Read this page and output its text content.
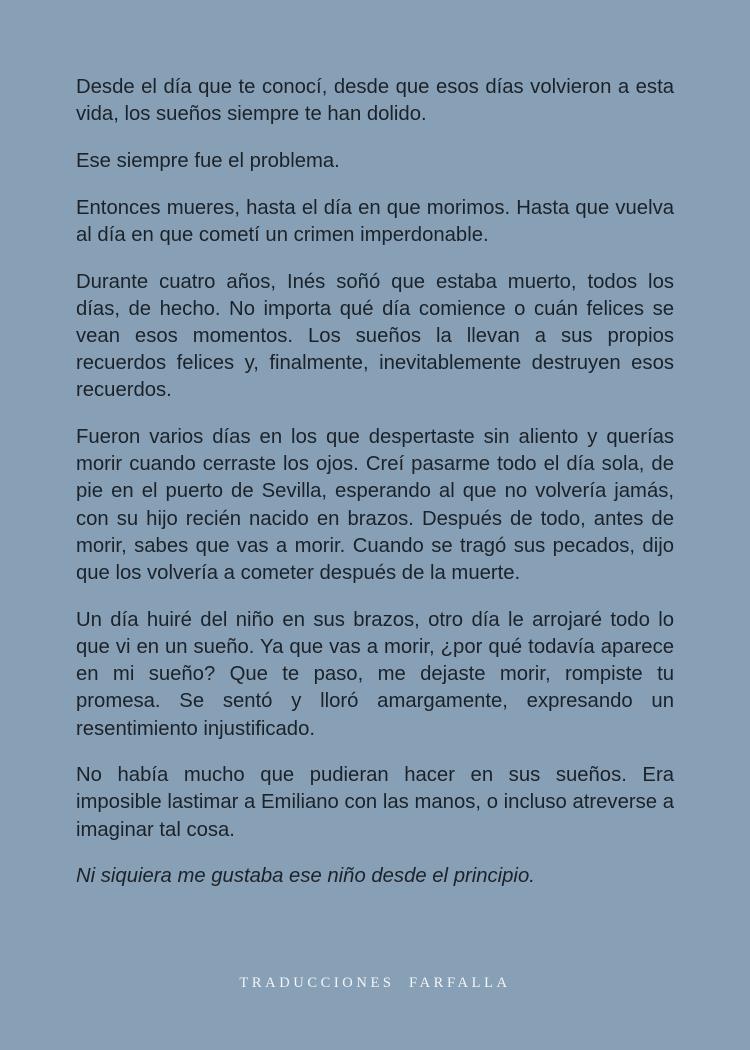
Desde el día que te conocí, desde que esos días volvieron a esta vida, los sueños siempre te han dolido.

Ese siempre fue el problema.

Entonces mueres, hasta el día en que morimos. Hasta que vuelva al día en que cometí un crimen imperdonable.

Durante cuatro años, Inés soñó que estaba muerto, todos los días, de hecho. No importa qué día comience o cuán felices se vean esos momentos. Los sueños la llevan a sus propios recuerdos felices y, finalmente, inevitablemente destruyen esos recuerdos.

Fueron varios días en los que despertaste sin aliento y querías morir cuando cerraste los ojos. Creí pasarme todo el día sola, de pie en el puerto de Sevilla, esperando al que no volvería jamás, con su hijo recién nacido en brazos. Después de todo, antes de morir, sabes que vas a morir. Cuando se tragó sus pecados, dijo que los volvería a cometer después de la muerte.

Un día huiré del niño en sus brazos, otro día le arrojaré todo lo que vi en un sueño. Ya que vas a morir, ¿por qué todavía aparece en mi sueño? Que te paso, me dejaste morir, rompiste tu promesa. Se sentó y lloró amargamente, expresando un resentimiento injustificado.

No había mucho que pudieran hacer en sus sueños. Era imposible lastimar a Emiliano con las manos, o incluso atreverse a imaginar tal cosa.

Ni siquiera me gustaba ese niño desde el principio.

TRADUCCIONES  FARFALLA
